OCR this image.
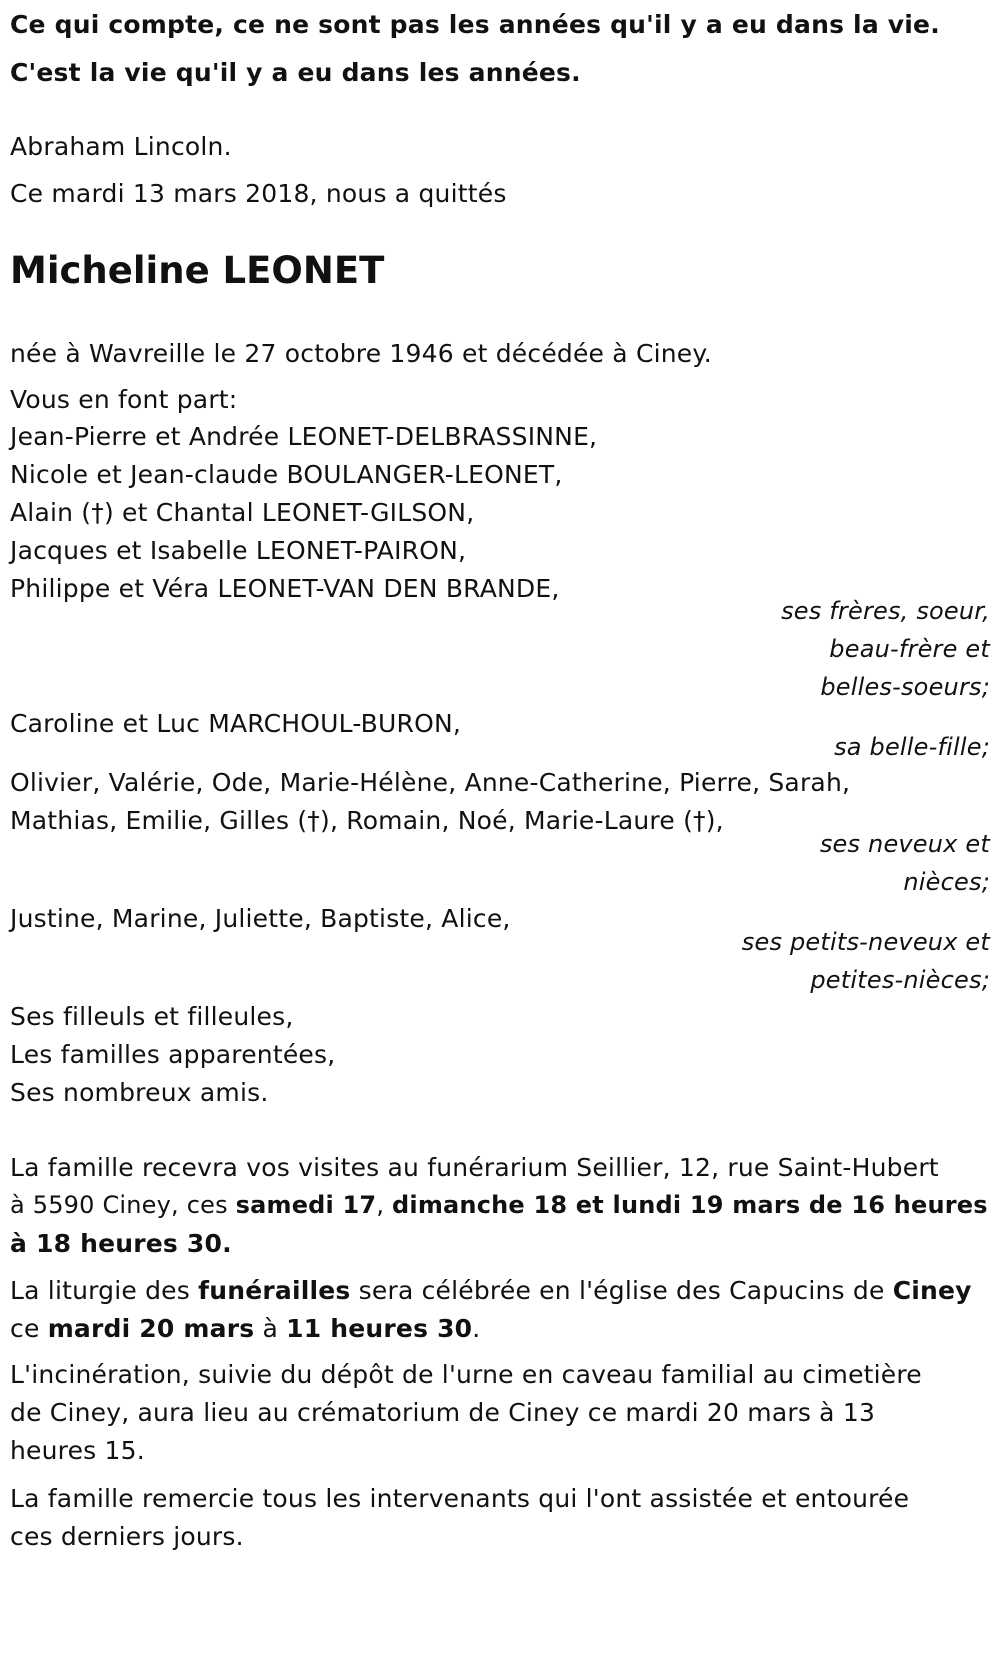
Ce qui compte, ce ne sont pas les années qu'il y a eu dans la vie.
C'est la vie qu'il y a eu dans les années.
Abraham Lincoln.
Ce mardi 13 mars 2018, nous a quittés
Micheline LEONET
née à Wavreille le 27 octobre 1946 et décédée à Ciney.
Vous en font part:
Jean-Pierre et Andrée LEONET-DELBRASSINNE,
Nicole et Jean-claude BOULANGER-LEONET,
Alain (†) et Chantal LEONET-GILSON,
Jacques et Isabelle LEONET-PAIRON,
Philippe et Véra LEONET-VAN DEN BRANDE,
ses frères, soeur,
beau-frère et
belles-soeurs;
Caroline et Luc MARCHOUL-BURON,
sa belle-fille;
Olivier, Valérie, Ode, Marie-Hélène, Anne-Catherine, Pierre, Sarah,
Mathias, Emilie, Gilles (†), Romain, Noé, Marie-Laure (†),
ses neveux et
nièces;
Justine, Marine, Juliette, Baptiste, Alice,
ses petits-neveux et
petites-nièces;
Ses filleuls et filleules,
Les familles apparentées,
Ses nombreux amis.
La famille recevra vos visites au funérarium Seillier, 12, rue Saint-Hubert
à 5590 Ciney, ces samedi 17, dimanche 18 et lundi 19 mars de 16 heures
à 18 heures 30.
La liturgie des funérailles sera célébrée en l'église des Capucins de Ciney
ce mardi 20 mars à 11 heures 30.
L'incinération, suivie du dépôt de l'urne en caveau familial au cimetière
de Ciney, aura lieu au crématorium de Ciney ce mardi 20 mars à 13
heures 15.
La famille remercie tous les intervenants qui l'ont assistée et entourée
ces derniers jours.
